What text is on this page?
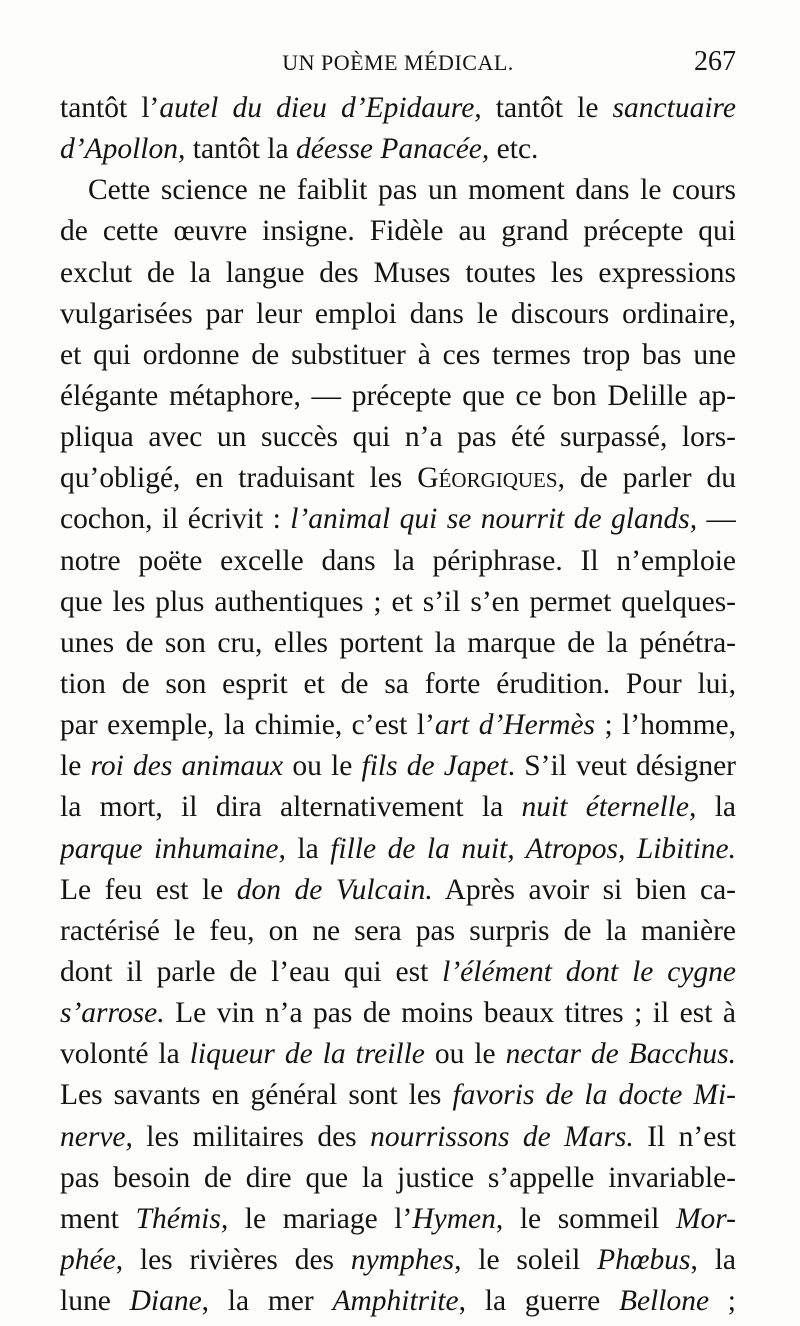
UN POÈME MÉDICAL.	267
tantôt l’autel du dieu d’Epidaure, tantôt le sanctuaire
d’Apollon, tantôt la déesse Panacée, etc.
Cette science ne faiblit pas un moment dans le cours
de cette œuvre insigne. Fidèle au grand précepte qui
exclut de la langue des Muses toutes les expressions
vulgarisées par leur emploi dans le discours ordinaire,
et qui ordonne de substituer à ces termes trop bas une
élégante métaphore, — précepte que ce bon Delille ap-
pliqua avec un succès qui n’a pas été surpassé, lors-
qu’obligé, en traduisant les Géorgiques, de parler du
cochon, il écrivit : l’animal qui se nourrit de glands, —
notre poëte excelle dans la périphrase. Il n’emploie
que les plus authentiques ; et s’il s’en permet quelques-
unes de son cru, elles portent la marque de la pénétra-
tion de son esprit et de sa forte érudition. Pour lui,
par exemple, la chimie, c’est l’art d’Hermès ; l’homme,
le roi des animaux ou le fils de Japet. S’il veut désigner
la mort, il dira alternativement la nuit éternelle, la
parque inhumaine, la fille de la nuit, Atropos, Libitine.
Le feu est le don de Vulcain. Après avoir si bien ca-
ractérisé le feu, on ne sera pas surpris de la manière
dont il parle de l’eau qui est l’élément dont le cygne
s’arrose. Le vin n’a pas de moins beaux titres ; il est à
volonté la liqueur de la treille ou le nectar de Bacchus.
Les savants en général sont les favoris de la docte Mi-
nerve, les militaires des nourrissons de Mars. Il n’est
pas besoin de dire que la justice s’appelle invariable-
ment Thémis, le mariage l’Hymen, le sommeil Mor-
phée, les rivières des nymphes, le soleil Phœbus, la
lune Diane, la mer Amphitrite, la guerre Bellone ;
